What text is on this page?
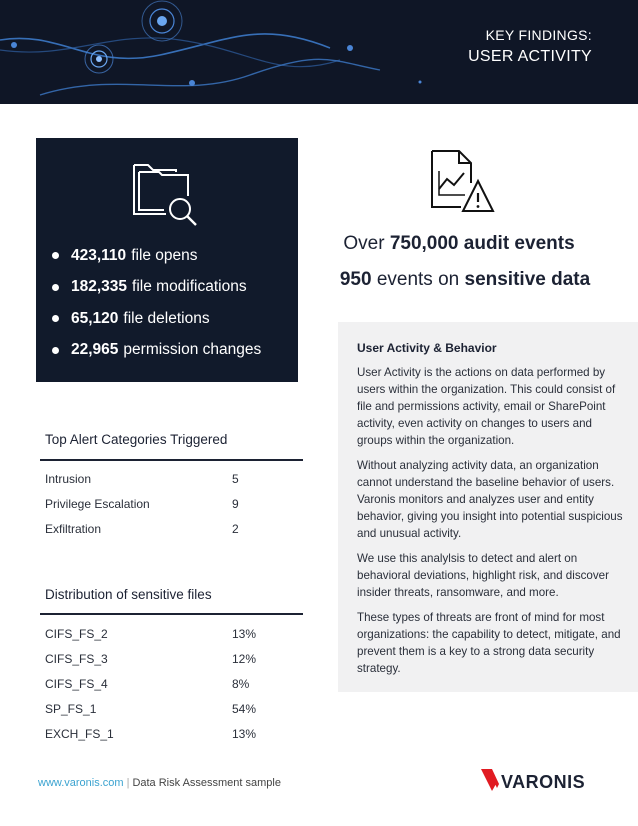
KEY FINDINGS:
USER ACTIVITY
423,110 file opens
182,335 file modifications
65,120 file deletions
22,965 permission changes
Over 750,000 audit events
950 events on sensitive data
User Activity & Behavior

User Activity is the actions on data performed by users within the organization. This could consist of file and permissions activity, email or SharePoint activity, even activity on changes to users and groups within the organization.

Without analyzing activity data, an organization cannot understand the baseline behavior of users. Varonis monitors and analyzes user and entity behavior, giving you insight into potential suspicious and unusual activity.

We use this analylsis to detect and alert on behavioral deviations, highlight risk, and discover insider threats, ransomware, and more.

These types of threats are front of mind for most organizations: the capability to detect, mitigate, and prevent them is a key to a strong data security strategy.

Top Alert Categories Triggered
Intrusion	5
Privilege Escalation	9
Exfiltration	2
Distribution of sensitive files
CIFS_FS_2	13%
CIFS_FS_3	12%
CIFS_FS_4	8%
SP_FS_1	54%
EXCH_FS_1	13%
www.varonis.com | Data Risk Assessment sample	VARONIS
